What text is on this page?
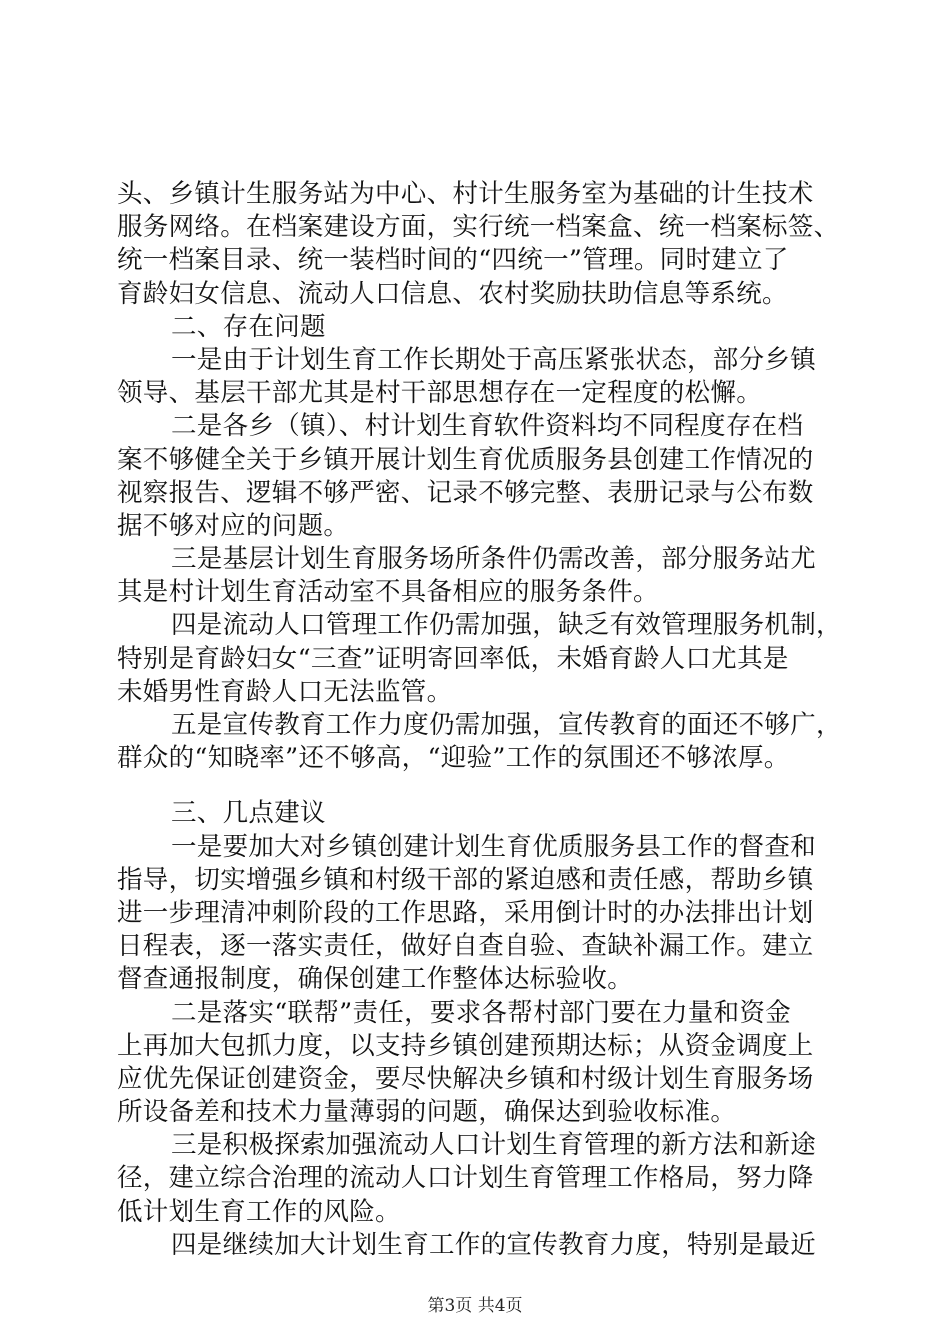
头、乡镇计生服务站为中心、村计生服务室为基础的计生技术
服务网络。在档案建设方面，实行统一档案盒、统一档案标签、
统一档案目录、统一装档时间的“四统一”管理。同时建立了
育龄妇女信息、流动人口信息、农村奖励扶助信息等系统。
二、存在问题
一是由于计划生育工作长期处于高压紧张状态，部分乡镇
领导、基层干部尤其是村干部思想存在一定程度的松懈。
二是各乡（镇）、村计划生育软件资料均不同程度存在档
案不够健全关于乡镇开展计划生育优质服务县创建工作情况的
视察报告、逻辑不够严密、记录不够完整、表册记录与公布数
据不够对应的问题。
三是基层计划生育服务场所条件仍需改善，部分服务站尤
其是村计划生育活动室不具备相应的服务条件。
四是流动人口管理工作仍需加强，缺乏有效管理服务机制，
特别是育龄妇女“三查”证明寄回率低，未婚育龄人口尤其是
未婚男性育龄人口无法监管。
五是宣传教育工作力度仍需加强，宣传教育的面还不够广，
群众的“知晓率”还不够高，“迎验”工作的氛围还不够浓厚。
三、几点建议
一是要加大对乡镇创建计划生育优质服务县工作的督查和
指导，切实增强乡镇和村级干部的紧迫感和责任感，帮助乡镇
进一步理清冲刺阶段的工作思路，采用倒计时的办法排出计划
日程表，逐一落实责任，做好自查自验、查缺补漏工作。建立
督查通报制度，确保创建工作整体达标验收。
二是落实“联帮”责任，要求各帮村部门要在力量和资金
上再加大包抓力度，以支持乡镇创建预期达标；从资金调度上
应优先保证创建资金，要尽快解决乡镇和村级计划生育服务场
所设备差和技术力量薄弱的问题，确保达到验收标准。
三是积极探索加强流动人口计划生育管理的新方法和新途
径，建立综合治理的流动人口计划生育管理工作格局，努力降
低计划生育工作的风险。
四是继续加大计划生育工作的宣传教育力度，特别是最近
第3页 共4页
